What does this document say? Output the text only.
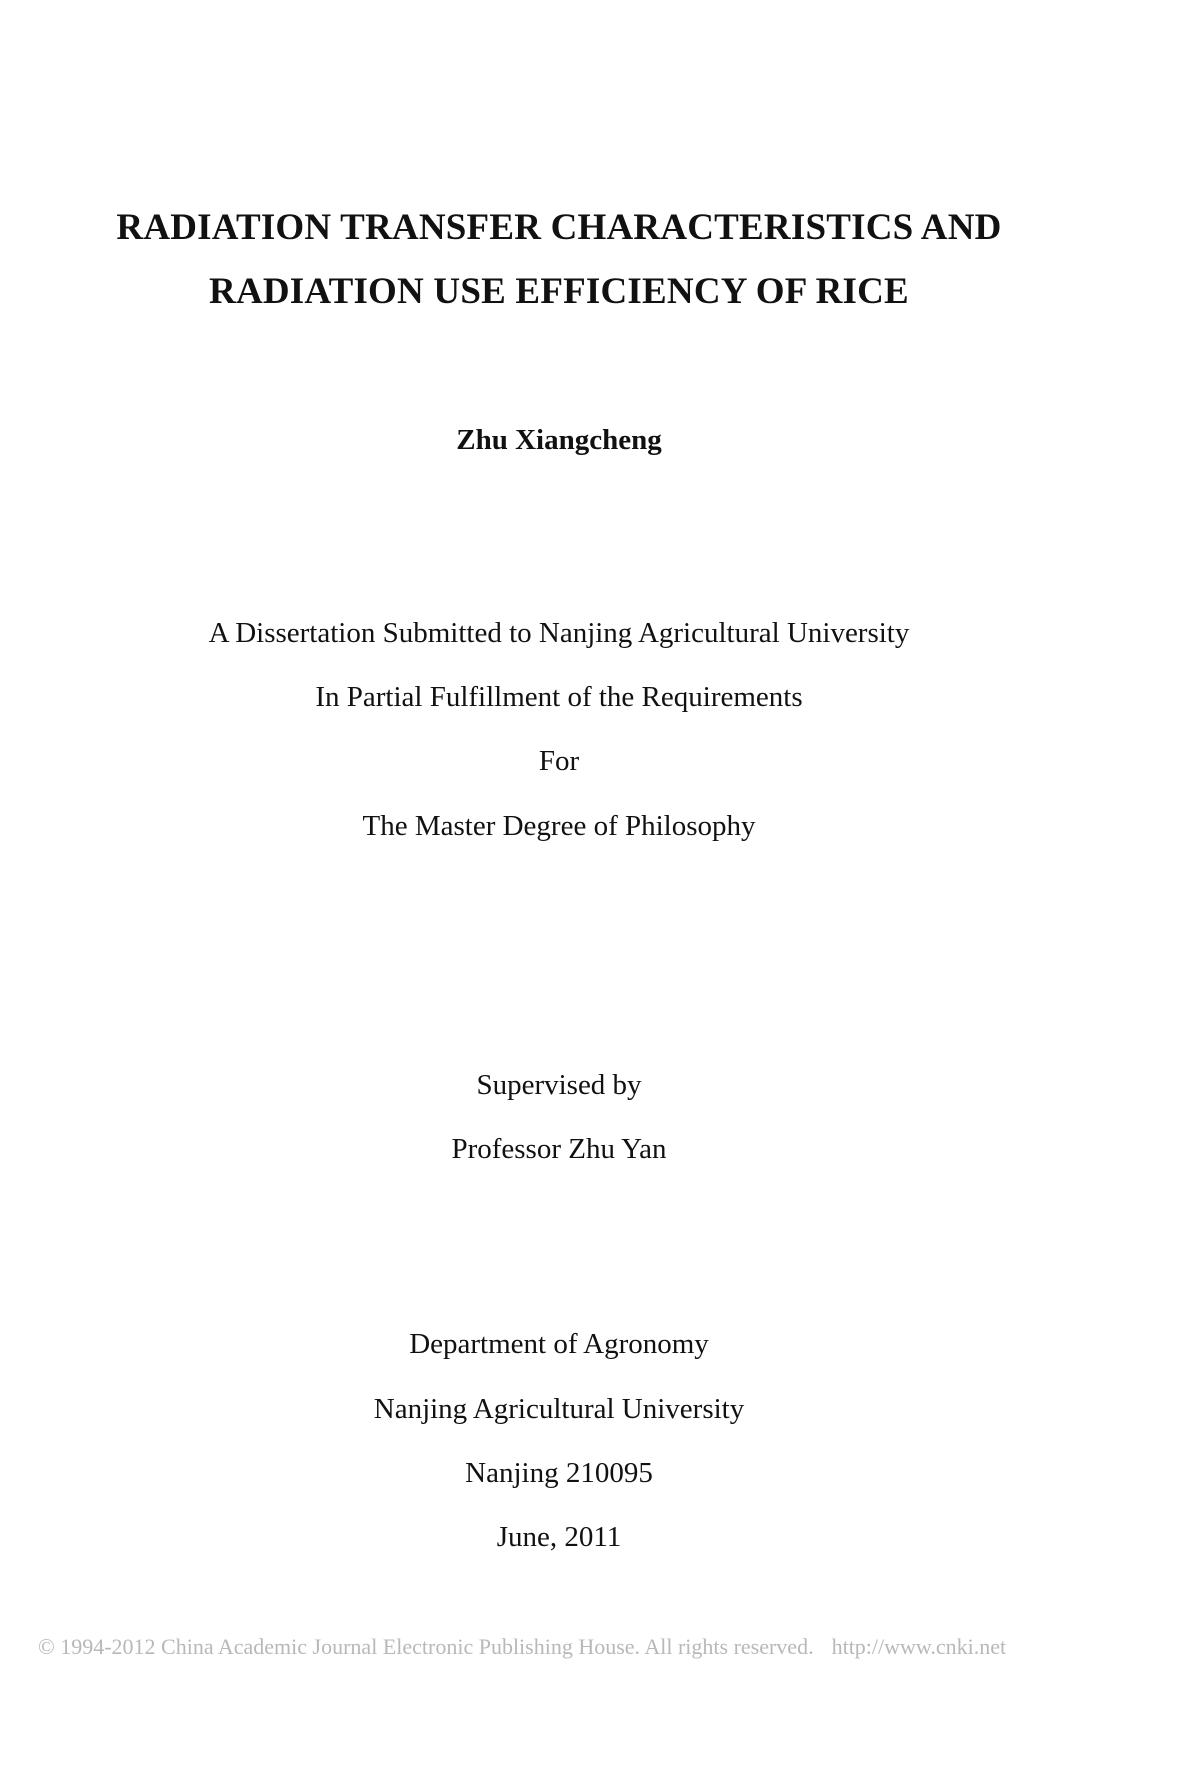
RADIATION TRANSFER CHARACTERISTICS AND
RADIATION USE EFFICIENCY OF RICE
Zhu Xiangcheng
A Dissertation Submitted to Nanjing Agricultural University
In Partial Fulfillment of the Requirements
For
The Master Degree of Philosophy
Supervised by
Professor Zhu Yan
Department of Agronomy
Nanjing Agricultural University
Nanjing 210095
June, 2011
© 1994-2012 China Academic Journal Electronic Publishing House. All rights reserved. http://www.cnki.net
